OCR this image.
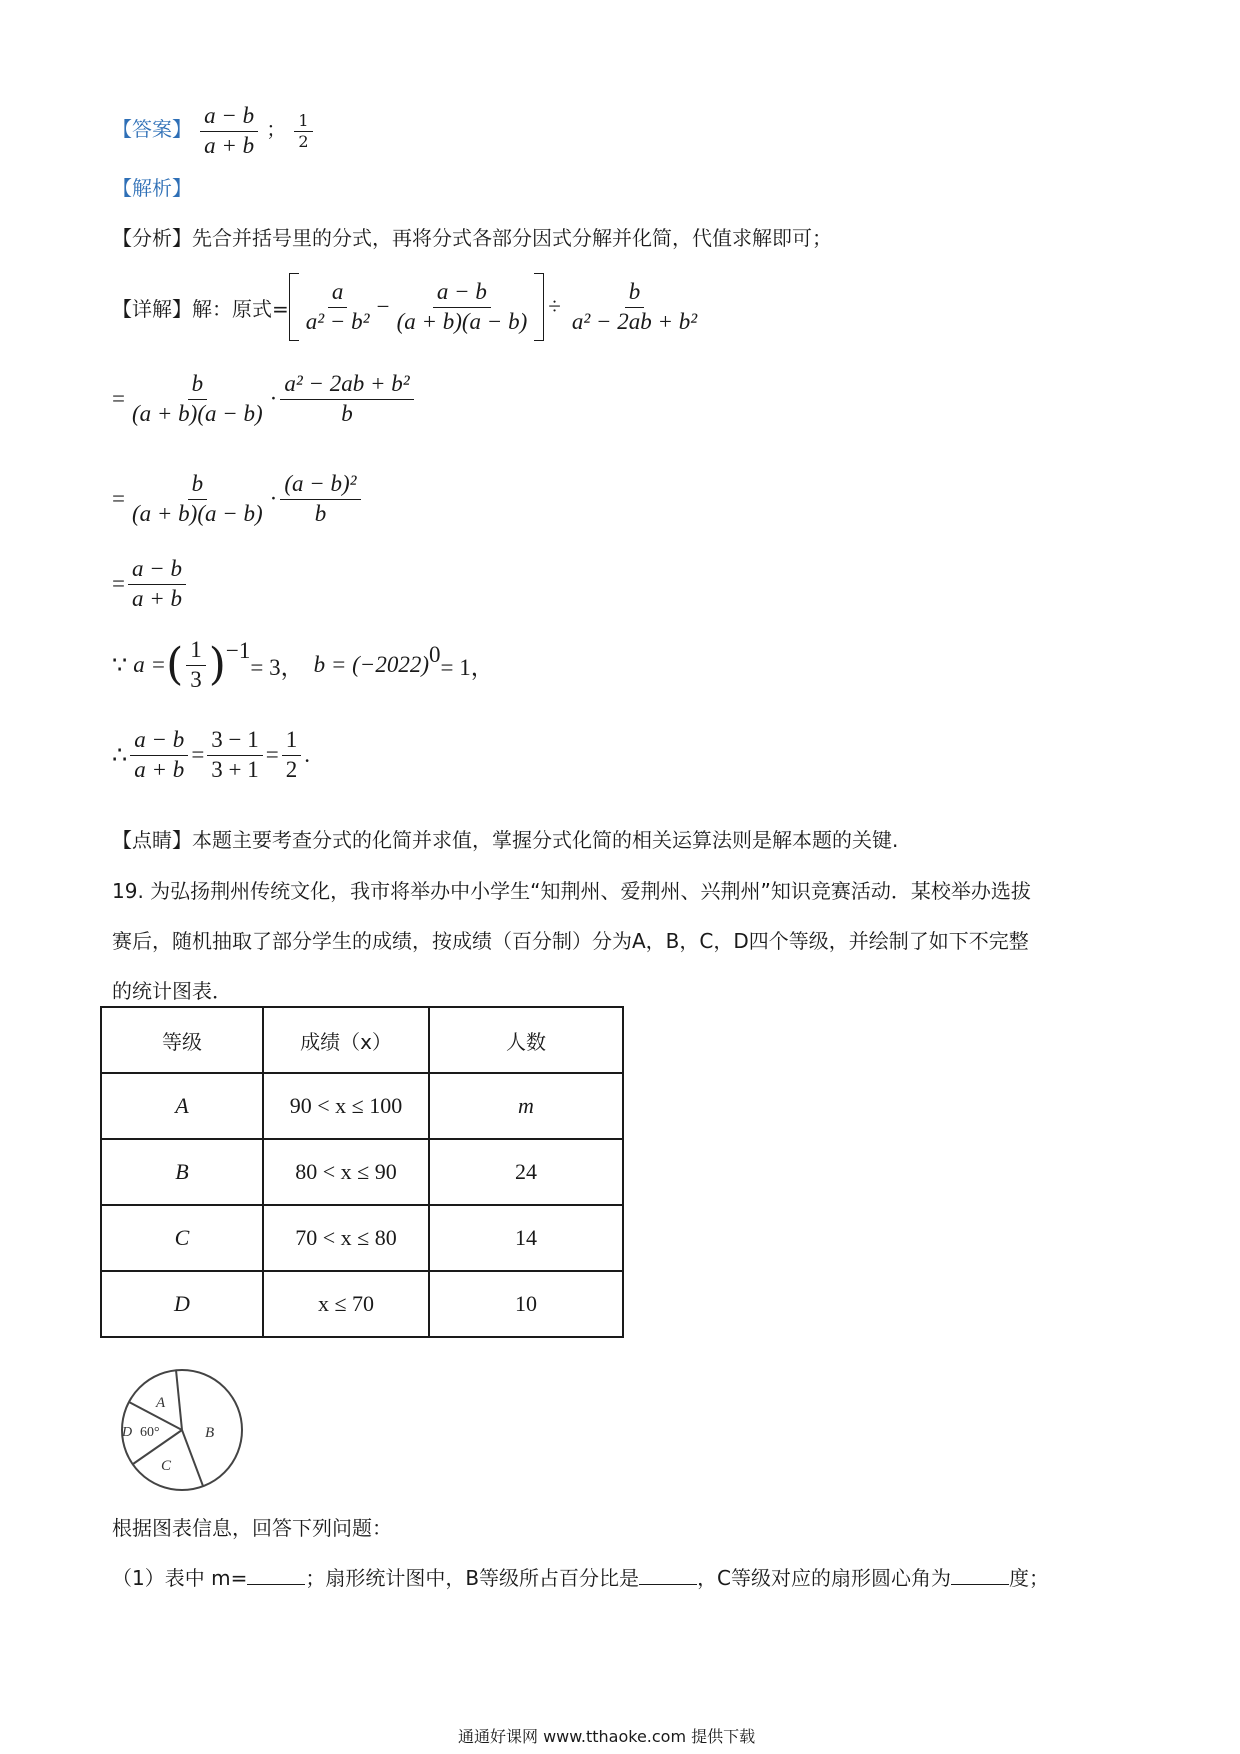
【答案】 $\frac{a - b}{a + b}$ ； $\frac{1}{2}$
【解析】
【分析】先合并括号里的分式，再将分式各部分因式分解并化简，代值求解即可；
【详解】解：原式= $\frac{a}{\text{a² − b²}} - \frac{a - b}{(a + b)(a - b)} \div \frac{b}{\text{a² − 2ab + b²}}$
= $\frac{b}{(a + b)(a - b)} \cdot \frac{\text{a² − 2ab + b²}}{b}$
= $\frac{b}{(a + b)(a - b)} \cdot \frac{\text{(a − b)²}}{b}$
= $\frac{a - b}{a + b}$
∵ a = ( $\frac{1}{3}$ ) −1
= 3， b = (−2022) 0
= 1，
∴ $\frac{a - b}{a + b} = \frac{3 - 1}{3 + 1} = \frac{1}{2}$ .
【点睛】本题主要考查分式的化简并求值，掌握分式化简的相关运算法则是解本题的关键.
19. 为弘扬荆州传统文化，我市将举办中小学生“知荆州、爱荆州、兴荆州”知识竞赛活动．某校举办选拔
赛后，随机抽取了部分学生的成绩，按成绩（百分制）分为A，B，C，D四个等级，并绘制了如下不完整
的统计图表．
等级	成绩（x）	人数
A	90 < x ≤ 100	m
B	80 < x ≤ 90	24
C	70 < x ≤ 80	14
D	x ≤ 70	10
A
B
C
D 60°
根据图表信息，回答下列问题：
（1）表中 m=	；扇形统计图中，B等级所占百分比是	，C等级对应的扇形圆心角为	度；
通通好课网 www.tthaoke.com 提供下载
